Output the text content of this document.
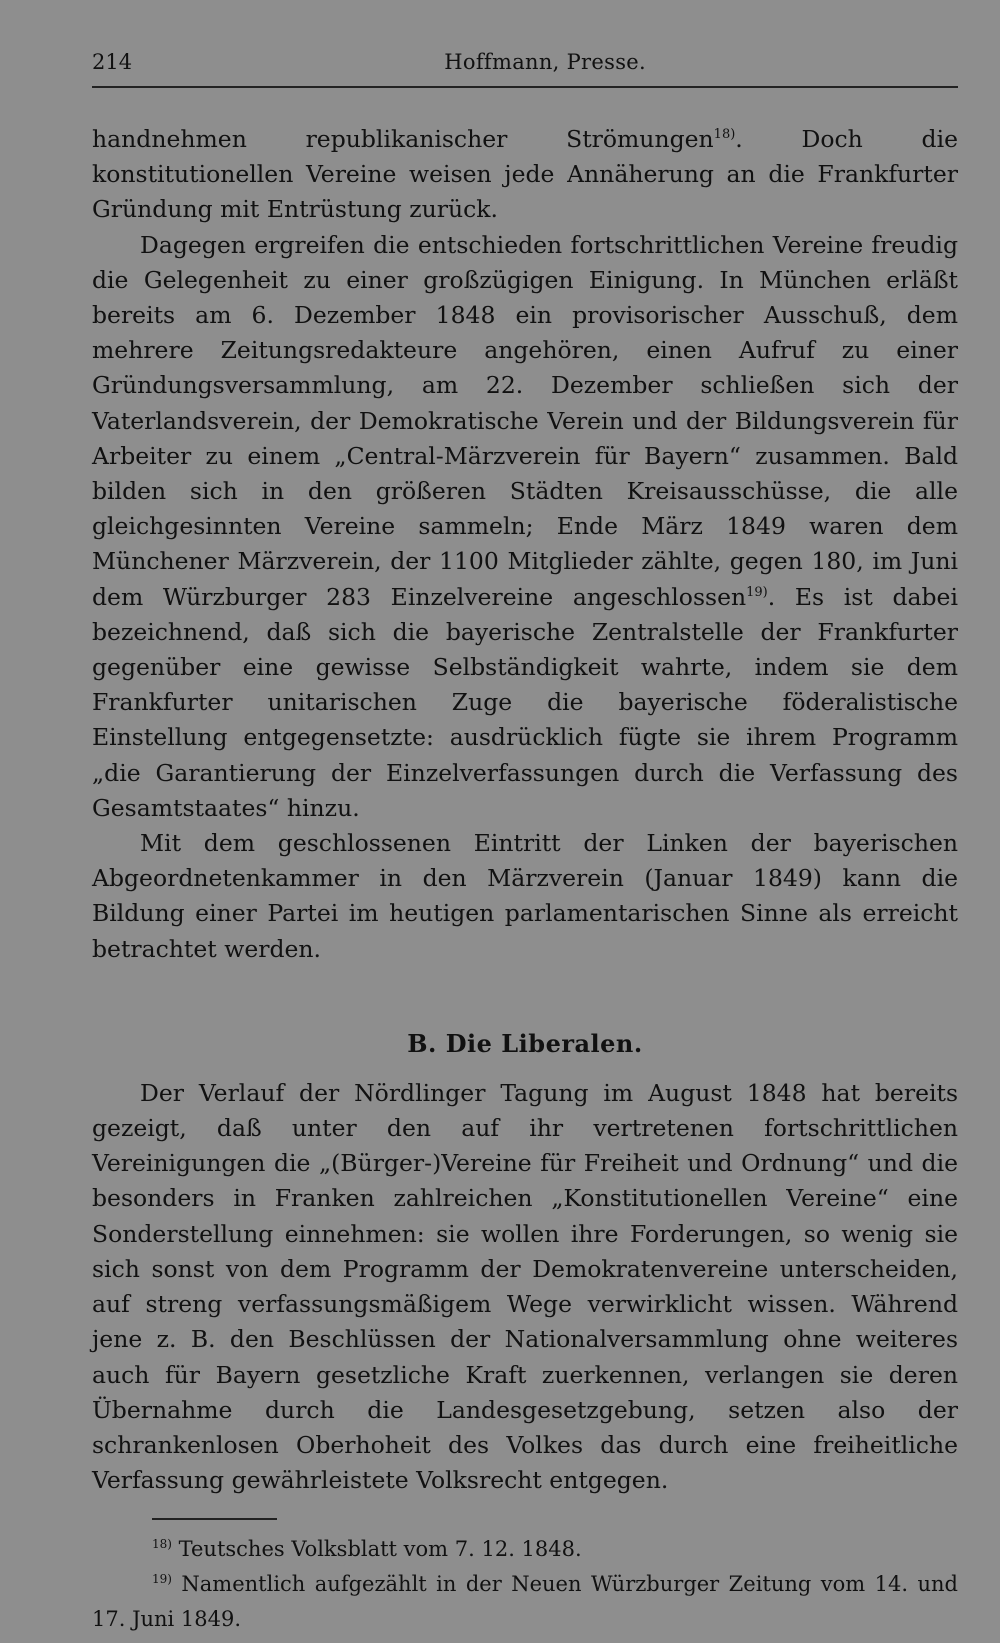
214	Hoffmann, Presse.

handnehmen republikanischer Strömungen$^{18)}$. Doch die konstitutionellen Vereine weisen jede Annäherung an die Frankfurter Gründung mit Entrüstung zurück.

Dagegen ergreifen die entschieden fortschrittlichen Vereine freudig die Gelegenheit zu einer großzügigen Einigung. In München erläßt bereits am 6. Dezember 1848 ein provisorischer Ausschuß, dem mehrere Zeitungsredakteure angehören, einen Aufruf zu einer Gründungsversammlung, am 22. Dezember schließen sich der Vaterlandsverein, der Demokratische Verein und der Bildungsverein für Arbeiter zu einem „Central-Märzverein für Bayern“ zusammen. Bald bilden sich in den größeren Städten Kreisausschüsse, die alle gleichgesinnten Vereine sammeln; Ende März 1849 waren dem Münchener Märzverein, der 1100 Mitglieder zählte, gegen 180, im Juni dem Würzburger 283 Einzelvereine angeschlossen$^{19)}$. Es ist dabei bezeichnend, daß sich die bayerische Zentralstelle der Frankfurter gegenüber eine gewisse Selbständigkeit wahrte, indem sie dem Frankfurter unitarischen Zuge die bayerische föderalistische Einstellung entgegensetzte: ausdrücklich fügte sie ihrem Programm „die Garantierung der Einzelverfassungen durch die Verfassung des Gesamtstaates“ hinzu.

Mit dem geschlossenen Eintritt der Linken der bayerischen Abgeordnetenkammer in den Märzverein (Januar 1849) kann die Bildung einer Partei im heutigen parlamentarischen Sinne als erreicht betrachtet werden.

B. Die Liberalen.

Der Verlauf der Nördlinger Tagung im August 1848 hat bereits gezeigt, daß unter den auf ihr vertretenen fortschrittlichen Vereinigungen die „(Bürger-)Vereine für Freiheit und Ordnung“ und die besonders in Franken zahlreichen „Konstitutionellen Vereine“ eine Sonderstellung einnehmen: sie wollen ihre Forderungen, so wenig sie sich sonst von dem Programm der Demokratenvereine unterscheiden, auf streng verfassungsmäßigem Wege verwirklicht wissen. Während jene z. B. den Beschlüssen der Nationalversammlung ohne weiteres auch für Bayern gesetzliche Kraft zuerkennen, verlangen sie deren Übernahme durch die Landesgesetzgebung, setzen also der schrankenlosen Oberhoheit des Volkes das durch eine freiheitliche Verfassung gewährleistete Volksrecht entgegen.

$^{18)}$ Teutsches Volksblatt vom 7. 12. 1848.

$^{19)}$ Namentlich aufgezählt in der Neuen Würzburger Zeitung vom 14. und 17. Juni 1849.
